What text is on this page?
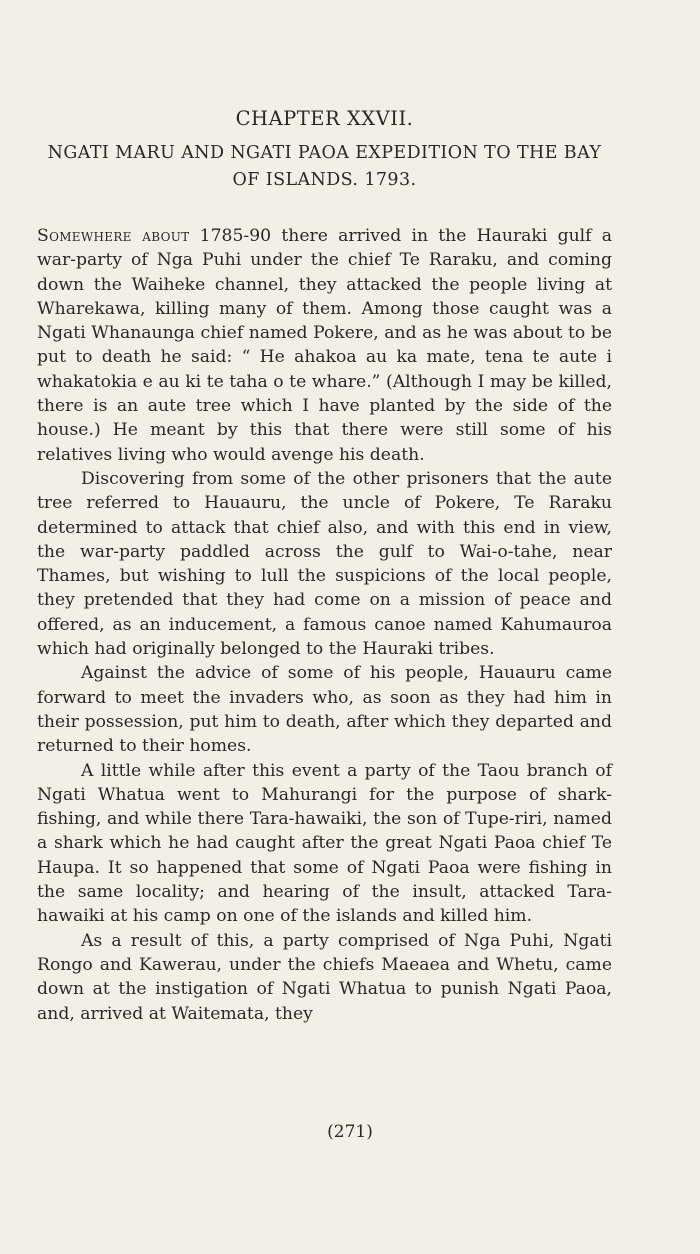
CHAPTER XXVII.
NGATI MARU AND NGATI PAOA EXPEDITION TO THE BAY OF ISLANDS. 1793.

Somewhere about 1785-90 there arrived in the Hauraki gulf a war-party of Nga Puhi under the chief Te Raraku, and coming down the Waiheke channel, they attacked the people living at Wharekawa, killing many of them. Among those caught was a Ngati Whanaunga chief named Pokere, and as he was about to be put to death he said: “ He ahakoa au ka mate, tena te aute i whakatokia e au ki te taha o te whare.” (Although I may be killed, there is an aute tree which I have planted by the side of the house.) He meant by this that there were still some of his relatives living who would avenge his death.

Discovering from some of the other prisoners that the aute tree referred to Hauauru, the uncle of Pokere, Te Raraku determined to attack that chief also, and with this end in view, the war-party paddled across the gulf to Wai-o-tahe, near Thames, but wishing to lull the suspicions of the local people, they pretended that they had come on a mission of peace and offered, as an inducement, a famous canoe named Kahumauroa which had originally belonged to the Hauraki tribes.

Against the advice of some of his people, Hauauru came forward to meet the invaders who, as soon as they had him in their possession, put him to death, after which they departed and returned to their homes.

A little while after this event a party of the Taou branch of Ngati Whatua went to Mahurangi for the purpose of shark-fishing, and while there Tara-hawaiki, the son of Tupe-riri, named a shark which he had caught after the great Ngati Paoa chief Te Haupa. It so happened that some of Ngati Paoa were fishing in the same locality; and hearing of the insult, attacked Tara-hawaiki at his camp on one of the islands and killed him.

As a result of this, a party comprised of Nga Puhi, Ngati Rongo and Kawerau, under the chiefs Maeaea and Whetu, came down at the instigation of Ngati Whatua to punish Ngati Paoa, and, arrived at Waitemata, they

(271)
